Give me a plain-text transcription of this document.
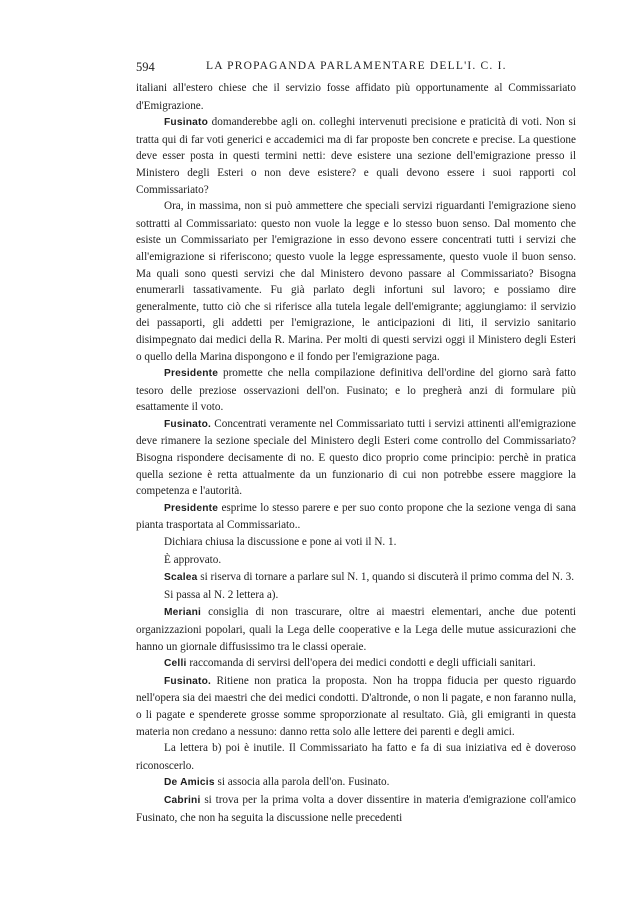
594	LA PROPAGANDA PARLAMENTARE DELL'I. C. I.

italiani all'estero chiese che il servizio fosse affidato più opportunamente al Commissariato d'Emigrazione.

Fusinato domanderebbe agli on. colleghi intervenuti precisione e praticità di voti. Non si tratta qui di far voti generici e accademici ma di far proposte ben concrete e precise. La questione deve esser posta in questi termini netti: deve esistere una sezione dell'emigrazione presso il Ministero degli Esteri o non deve esistere? e quali devono essere i suoi rapporti col Commissariato?

Ora, in massima, non si può ammettere che speciali servizi riguardanti l'emigrazione sieno sottratti al Commissariato: questo non vuole la legge e lo stesso buon senso. Dal momento che esiste un Commissariato per l'emigrazione in esso devono essere concentrati tutti i servizi che all'emigrazione si riferiscono; questo vuole la legge espressamente, questo vuole il buon senso. Ma quali sono questi servizi che dal Ministero devono passare al Commissariato? Bisogna enumerarli tassativamente. Fu già parlato degli infortuni sul lavoro; e possiamo dire generalmente, tutto ciò che si riferisce alla tutela legale dell'emigrante; aggiungiamo: il servizio dei passaporti, gli addetti per l'emigrazione, le anticipazioni di liti, il servizio sanitario disimpegnato dai medici della R. Marina. Per molti di questi servizi oggi il Ministero degli Esteri o quello della Marina dispongono e il fondo per l'emigrazione paga.

Presidente promette che nella compilazione definitiva dell'ordine del giorno sarà fatto tesoro delle preziose osservazioni dell'on. Fusinato; e lo pregherà anzi di formulare più esattamente il voto.

Fusinato. Concentrati veramente nel Commissariato tutti i servizi attinenti all'emigrazione deve rimanere la sezione speciale del Ministero degli Esteri come controllo del Commissariato? Bisogna rispondere decisamente di no. E questo dico proprio come principio: perchè in pratica quella sezione è retta attualmente da un funzionario di cui non potrebbe essere maggiore la competenza e l'autorità.

Presidente esprime lo stesso parere e per suo conto propone che la sezione venga di sana pianta trasportata al Commissariato..

Dichiara chiusa la discussione e pone ai voti il N. 1.

È approvato.

Scalea si riserva di tornare a parlare sul N. 1, quando si discuterà il primo comma del N. 3.

Si passa al N. 2 lettera a).

Meriani consiglia di non trascurare, oltre ai maestri elementari, anche due potenti organizzazioni popolari, quali la Lega delle cooperative e la Lega delle mutue assicurazioni che hanno un giornale diffusissimo tra le classi operaie.

Celli raccomanda di servirsi dell'opera dei medici condotti e degli ufficiali sanitari.

Fusinato. Ritiene non pratica la proposta. Non ha troppa fiducia per questo riguardo nell'opera sia dei maestri che dei medici condotti. D'altronde, o non li pagate, e non faranno nulla, o li pagate e spenderete grosse somme sproporzionate al resultato. Già, gli emigranti in questa materia non credano a nessuno: danno retta solo alle lettere dei parenti e degli amici.

La lettera b) poi è inutile. Il Commissariato ha fatto e fa di sua iniziativa ed è doveroso riconoscerlo.

De Amicis si associa alla parola dell'on. Fusinato.

Cabrini si trova per la prima volta a dover dissentire in materia d'emigrazione coll'amico Fusinato, che non ha seguita la discussione nelle precedenti
